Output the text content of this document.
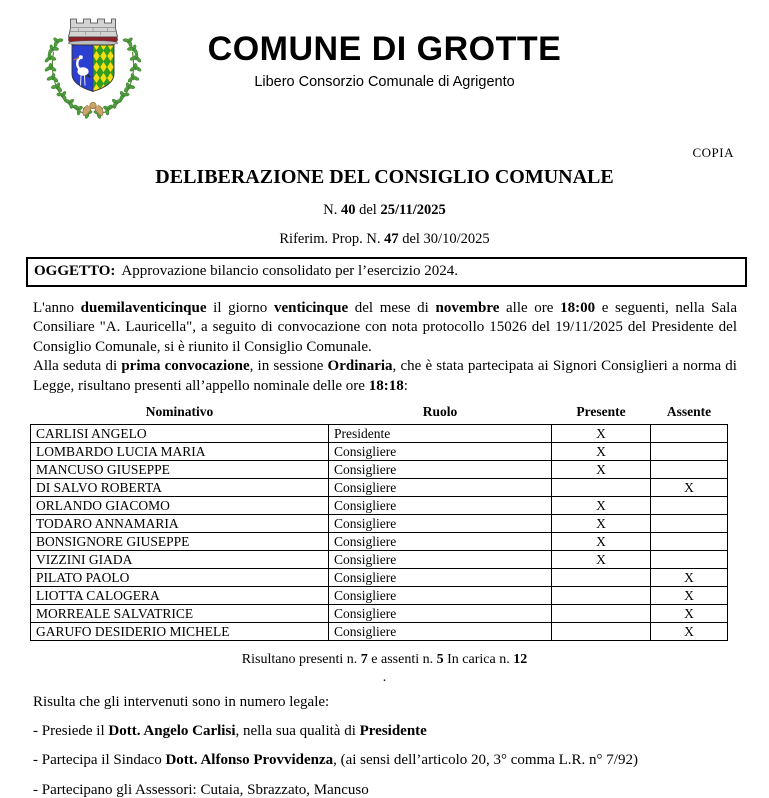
COMUNE DI GROTTE
Libero Consorzio Comunale di Agrigento
COPIA
DELIBERAZIONE DEL CONSIGLIO COMUNALE

N. 40 del 25/11/2025

Riferim. Prop. N. 47 del 30/10/2025

OGGETTO: Approvazione bilancio consolidato per l’esercizio 2024.

L'anno duemilaventicinque il giorno venticinque del mese di novembre alle ore 18:00 e seguenti, nella Sala Consiliare "A. Lauricella", a seguito di convocazione con nota protocollo 15026 del 19/11/2025 del Presidente del Consiglio Comunale, si è riunito il Consiglio Comunale.

Alla seduta di prima convocazione, in sessione Ordinaria, che è stata partecipata ai Signori Consiglieri a norma di Legge, risultano presenti all’appello nominale delle ore 18:18:

Nominativo	Ruolo	Presente	Assente
CARLISI ANGELO	Presidente	X	
LOMBARDO LUCIA MARIA	Consigliere	X	
MANCUSO GIUSEPPE	Consigliere	X	
DI SALVO ROBERTA	Consigliere		X
ORLANDO GIACOMO	Consigliere	X	
TODARO ANNAMARIA	Consigliere	X	
BONSIGNORE GIUSEPPE	Consigliere	X	
VIZZINI GIADA	Consigliere	X	
PILATO PAOLO	Consigliere		X
LIOTTA CALOGERA	Consigliere		X
MORREALE SALVATRICE	Consigliere		X
GARUFO DESIDERIO MICHELE	Consigliere		X

Risultano presenti n. 7 e assenti n. 5 In carica n. 12

.

Risulta che gli intervenuti sono in numero legale:

- Presiede il Dott. Angelo Carlisi, nella sua qualità di Presidente

- Partecipa il Sindaco Dott. Alfonso Provvidenza, (ai sensi dell’articolo 20, 3° comma L.R. n° 7/92)

- Partecipano gli Assessori: Cutaia, Sbrazzato, Mancuso
